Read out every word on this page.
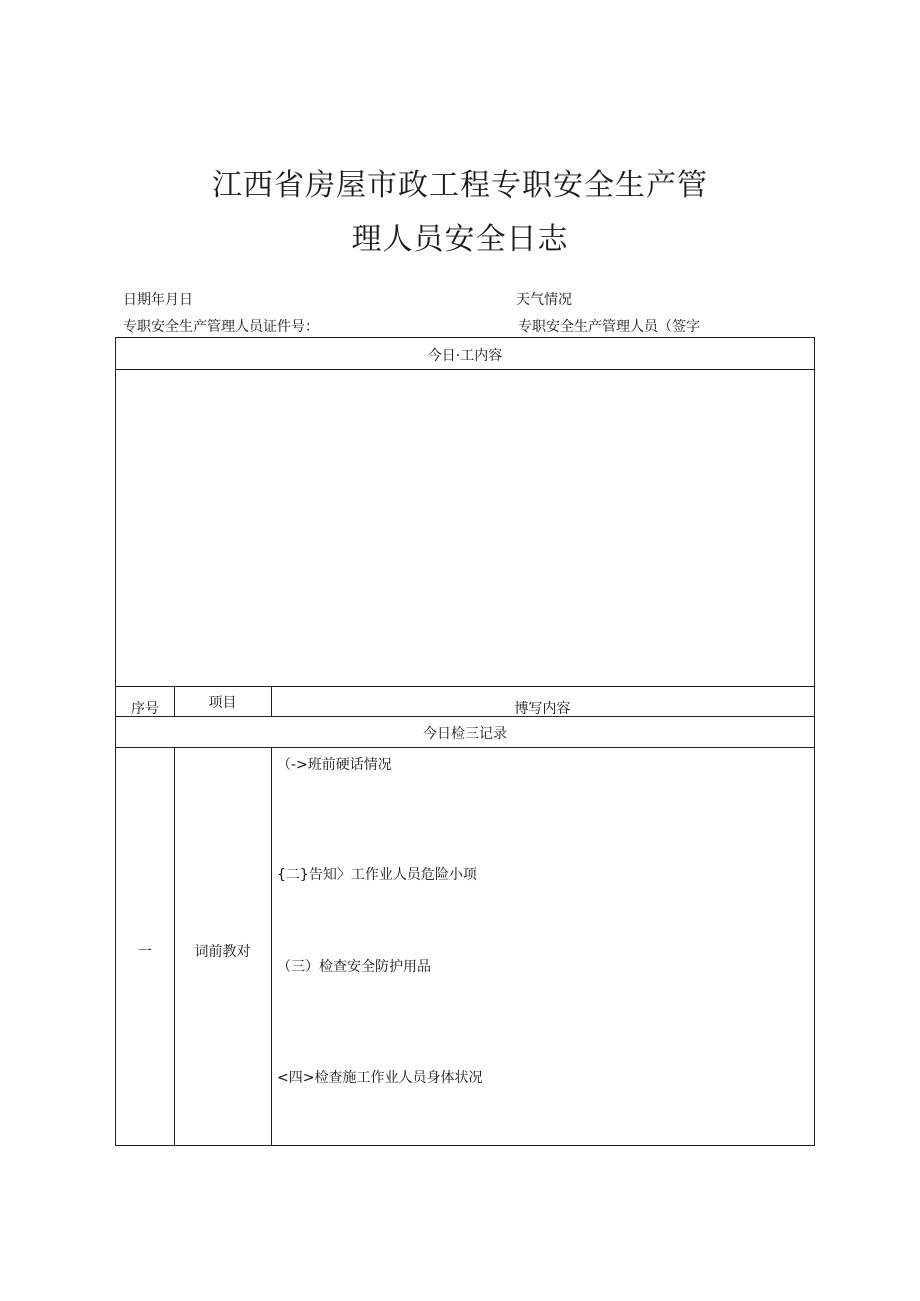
江西省房屋市政工程专职安全生产管
理人员安全日志
日期年月日	天气情况
专职安全生产管理人员证件号：	专职安全生产管理人员（签字
今日·工内容
序号	项目	博写内容
今日检三记录
一	词前教对
（->班前硬话情况
{二}告知〉工作业人员危险小项
（三）检查安全防护用品
<四>检查施工作业人员身体状况
